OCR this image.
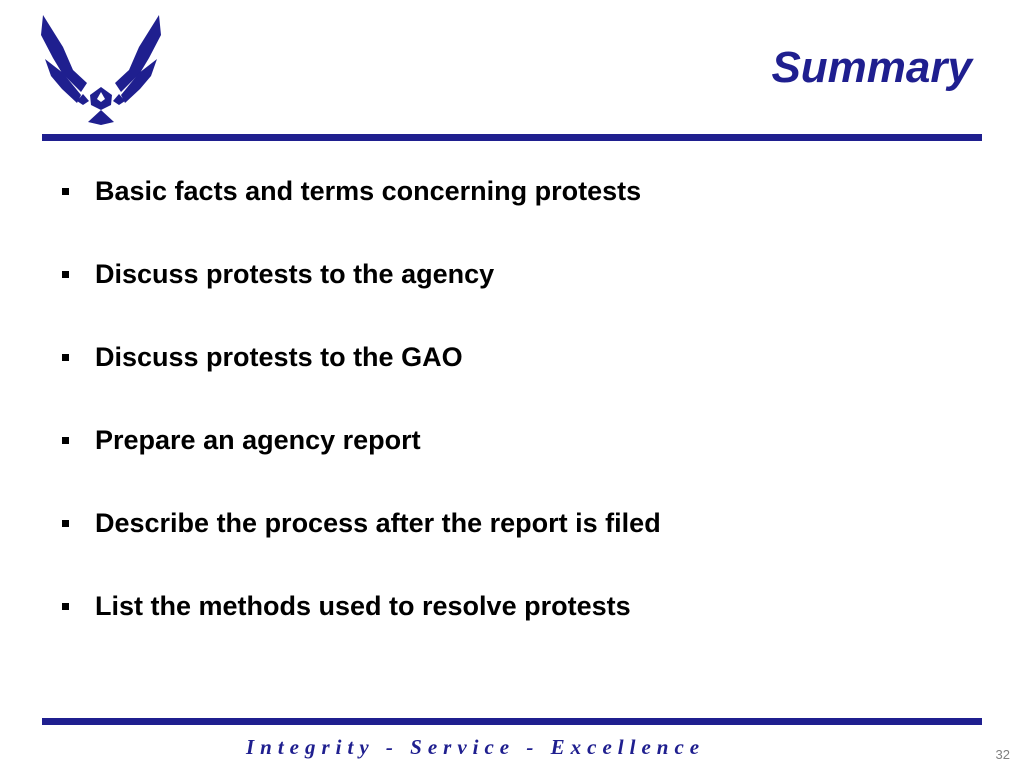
Summary
Basic facts and terms concerning protests
Discuss protests to the agency
Discuss protests to the GAO
Prepare an agency report
Describe the process after the report is filed
List the methods used to resolve protests
Integrity - Service - Excellence	32
